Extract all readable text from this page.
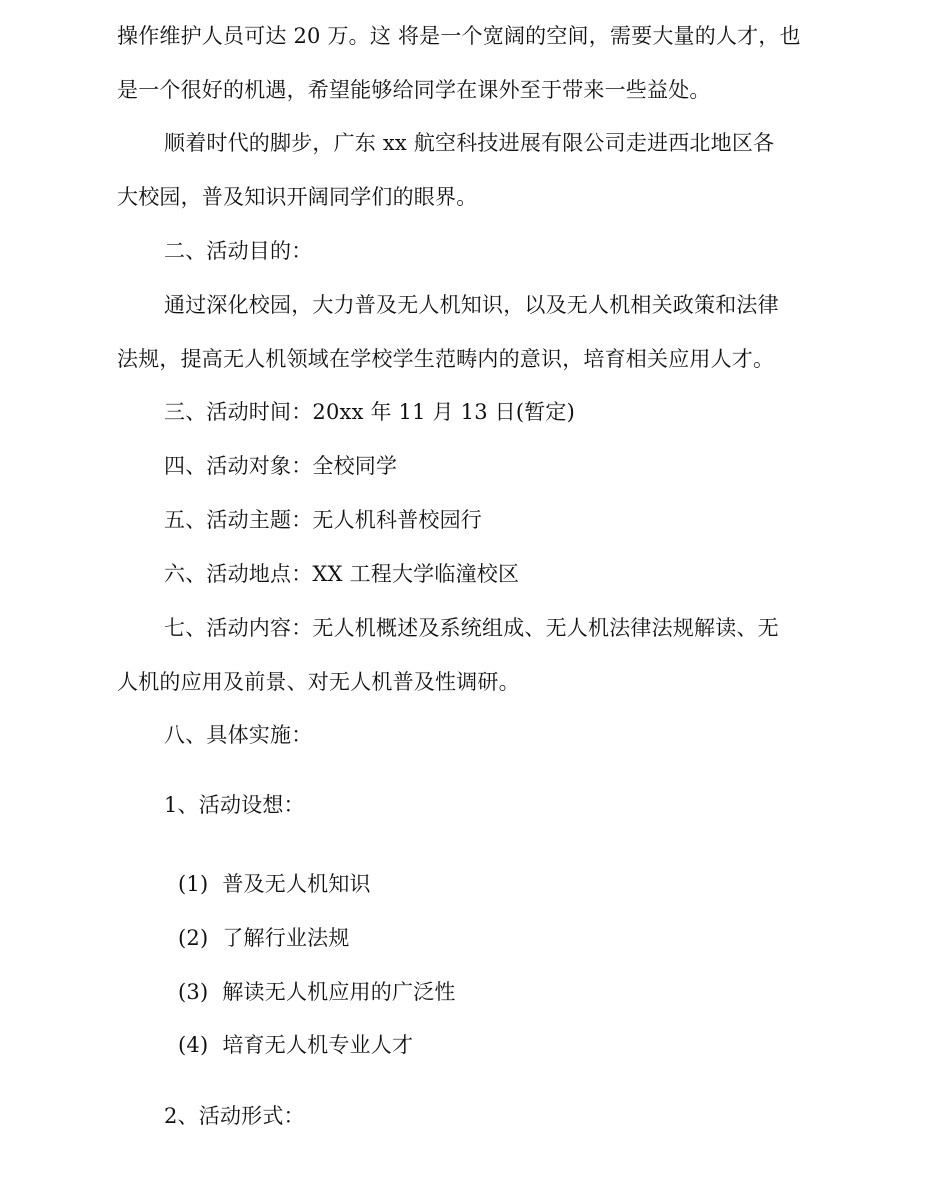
操作维护人员可达 20 万。这 将是一个宽阔的空间，需要大量的人才，也
是一个很好的机遇，希望能够给同学在课外至于带来一些益处。
顺着时代的脚步，广东 xx 航空科技进展有限公司走进西北地区各
大校园，普及知识开阔同学们的眼界。
二、活动目的：
通过深化校园，大力普及无人机知识，以及无人机相关政策和法律
法规，提高无人机领域在学校学生范畴内的意识，培育相关应用人才。
三、活动时间：20xx 年 11 月 13 日(暂定)
四、活动对象：全校同学
五、活动主题：无人机科普校园行
六、活动地点：XX 工程大学临潼校区
七、活动内容：无人机概述及系统组成、无人机法律法规解读、无
人机的应用及前景、对无人机普及性调研。
八、具体实施：
1、活动设想：
(1) 普及无人机知识
(2) 了解行业法规
(3) 解读无人机应用的广泛性
(4) 培育无人机专业人才
2、活动形式：
